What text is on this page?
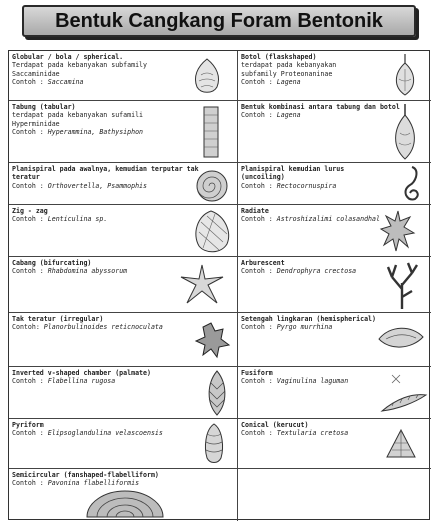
Bentuk Cangkang Foram Bentonik
Globular / bola / spherical.
Terdapat pada kebanyakan subfamily
Saccaminidae
Contoh : Saccamina
Botol (flaskshaped)
terdapat pada kebanyakan
subfamily Proteonaninae
Contoh : Lagena
Tabung (tabular)
terdapat pada kebanyakan sufamili
Hyperminidae
Contoh : Hyperammina, Bathysiphon
Bentuk kombinasi antara tabung dan botol
Contoh : Lagena
Planispiral pada awalnya, kemudian terputar tak teratur
Contoh : Orthovertella, Psammophis
Planispiral kemudian lurus (uncoiling)
Contoh : Rectocornuspira
Zig - zag
Contoh : Lenticulina sp.
Radiate
Contoh : Astroshizalimi colasandhal
Cabang (bifurcating)
Contoh : Rhabdomina abyssorum
Arburescent
Contoh : Dendrophyra crectosa
Tak teratur (irregular)
Contoh: Planorbulinoides reticnoculata
Setengah lingkaran (hemispherical)
Contoh : Pyrgo murrhina
Inverted v-shaped chamber (palmate)
Contoh : Flabellina rugosa
Fusiform
Contoh : Vaginulina laguman
Pyriform
Contoh : Elipsoglandulina velascoensis
Conical (kerucut)
Contoh : Textularia cretosa
Semicircular (fanshaped-flabelliform)
Contoh : Pavonina flabelliformis
